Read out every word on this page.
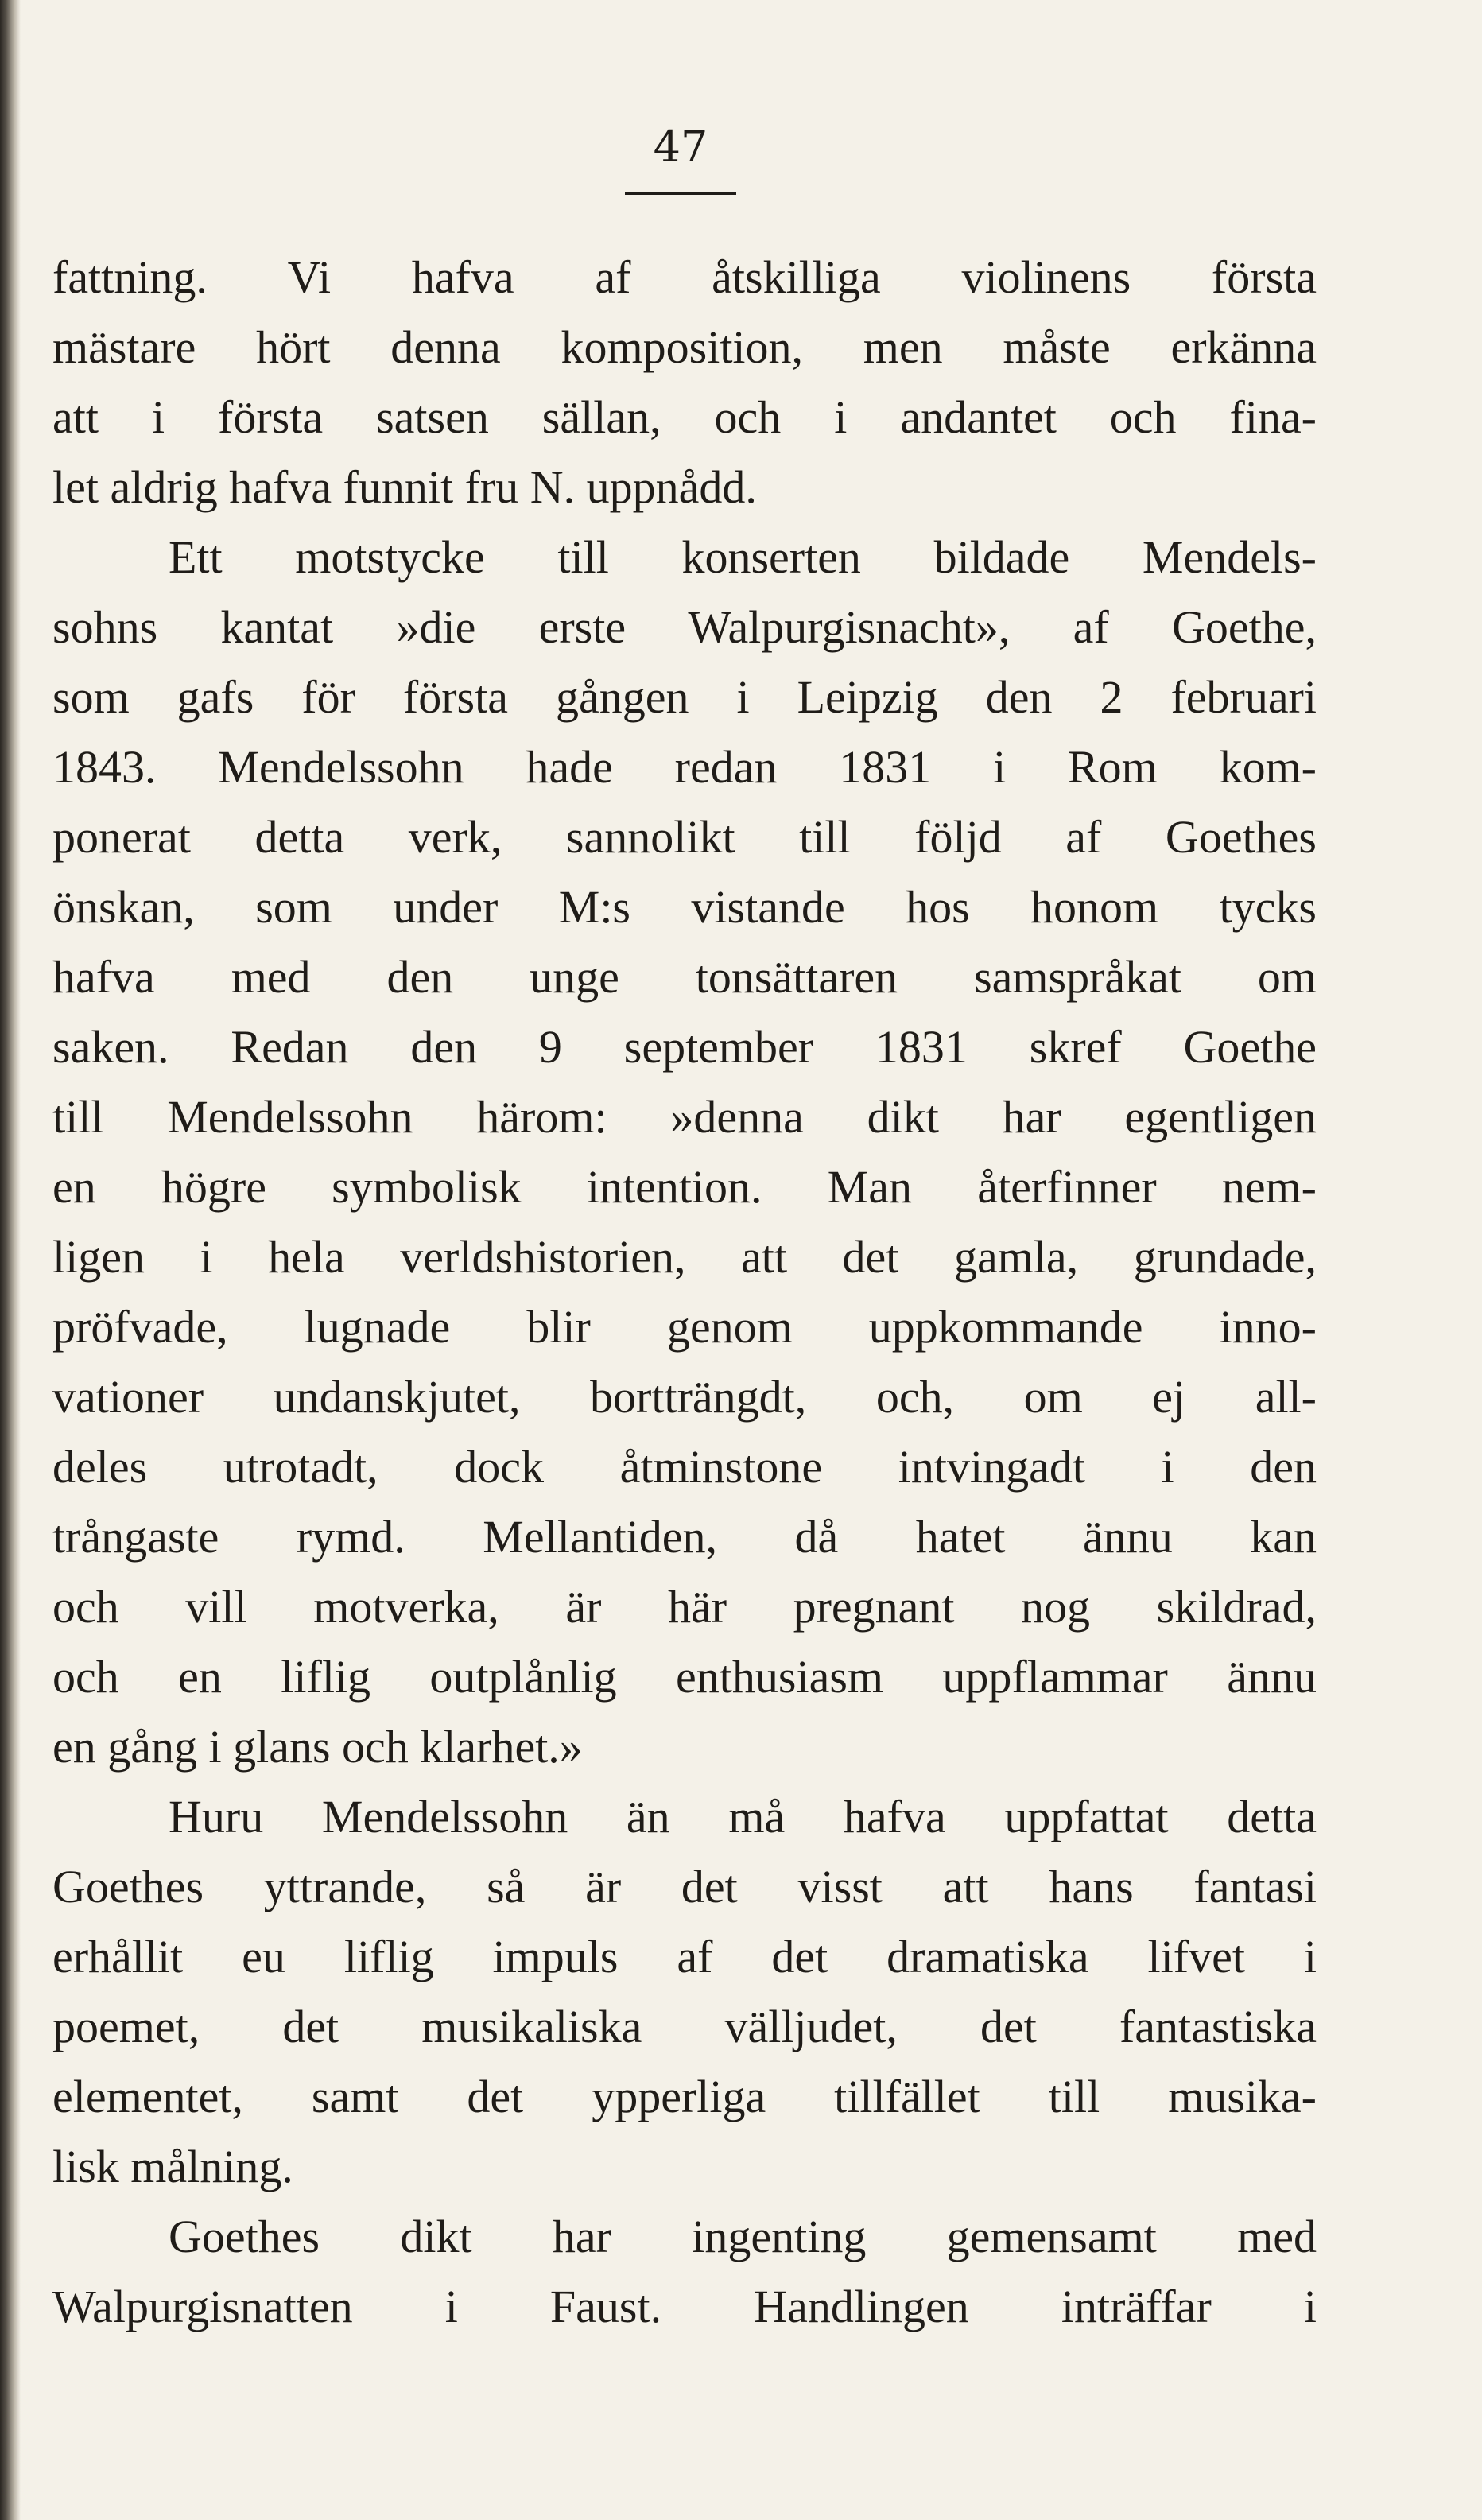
47
fattning. Vi hafva af åtskilliga violinens första
mästare hört denna komposition, men måste erkänna
att i första satsen sällan, och i andantet och fina-
let aldrig hafva funnit fru N. uppnådd.
Ett motstycke till konserten bildade Mendels-
sohns kantat »die erste Walpurgisnacht», af Goethe,
som gafs för första gången i Leipzig den 2 februari
1843. Mendelssohn hade redan 1831 i Rom kom-
ponerat detta verk, sannolikt till följd af Goethes
önskan, som under M:s vistande hos honom tycks
hafva med den unge tonsättaren samspråkat om
saken. Redan den 9 september 1831 skref Goethe
till Mendelssohn härom: »denna dikt har egentligen
en högre symbolisk intention. Man återfinner nem-
ligen i hela verldshistorien, att det gamla, grundade,
pröfvade, lugnade blir genom uppkommande inno-
vationer undanskjutet, bortträngdt, och, om ej all-
deles utrotadt, dock åtminstone intvingadt i den
trångaste rymd. Mellantiden, då hatet ännu kan
och vill motverka, är här pregnant nog skildrad,
och en liflig outplånlig enthusiasm uppflammar ännu
en gång i glans och klarhet.»
Huru Mendelssohn än må hafva uppfattat detta
Goethes yttrande, så är det visst att hans fantasi
erhållit eu liflig impuls af det dramatiska lifvet i
poemet, det musikaliska välljudet, det fantastiska
elementet, samt det ypperliga tillfället till musika-
lisk målning.
Goethes dikt har ingenting gemensamt med
Walpurgisnatten i Faust. Handlingen inträffar i
